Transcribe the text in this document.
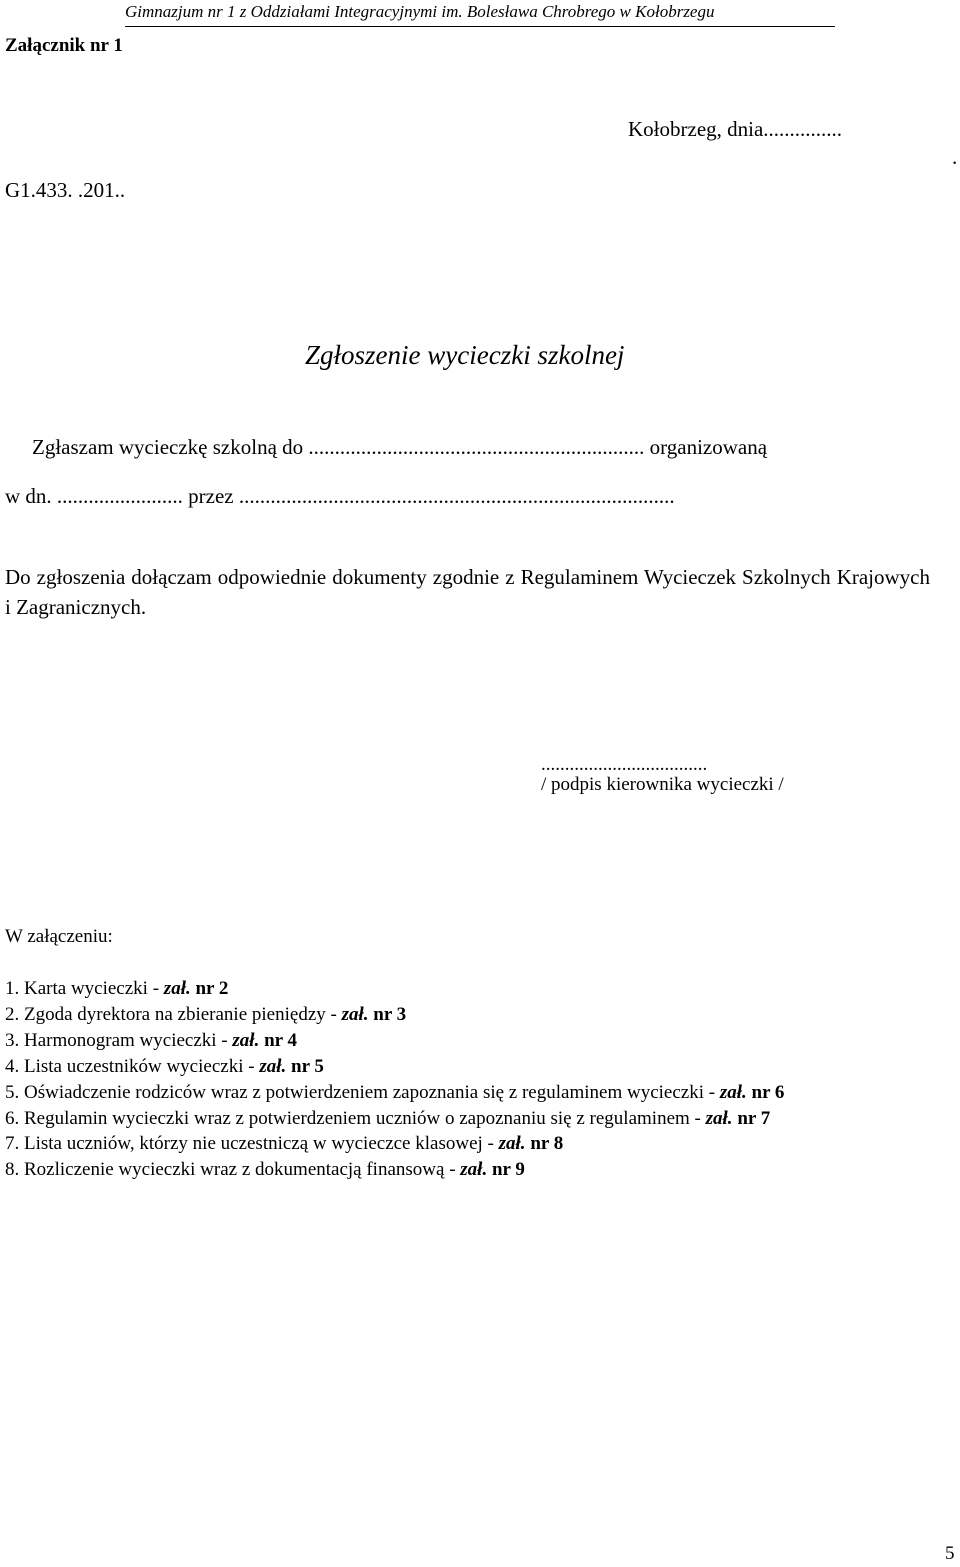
Załącznik nr 1
Gimnazjum nr 1 z Oddziałami Integracyjnymi im. Bolesława Chrobrego w Kołobrzegu
Kołobrzeg, dnia...............
.
G1.433. .201..
Zgłoszenie wycieczki szkolnej
Zgłaszam wycieczkę szkolną do ................................................................ organizowaną
w dn. ........................ przez ...................................................................................
Do zgłoszenia dołączam odpowiednie dokumenty zgodnie z Regulaminem Wycieczek Szkolnych Krajowych i Zagranicznych.
...................................
/ podpis kierownika wycieczki /
W załączeniu:
1. Karta wycieczki - zał. nr 2
2. Zgoda dyrektora na zbieranie pieniędzy - zał. nr 3
3. Harmonogram wycieczki - zał. nr 4
4. Lista uczestników wycieczki - zał. nr 5
5. Oświadczenie rodziców wraz z potwierdzeniem zapoznania się z regulaminem wycieczki - zał. nr 6
6. Regulamin wycieczki wraz z potwierdzeniem uczniów o zapoznaniu się z regulaminem - zał. nr 7
7. Lista uczniów, którzy nie uczestniczą w wycieczce klasowej - zał. nr 8
8. Rozliczenie wycieczki wraz z dokumentacją finansową - zał. nr 9
5
